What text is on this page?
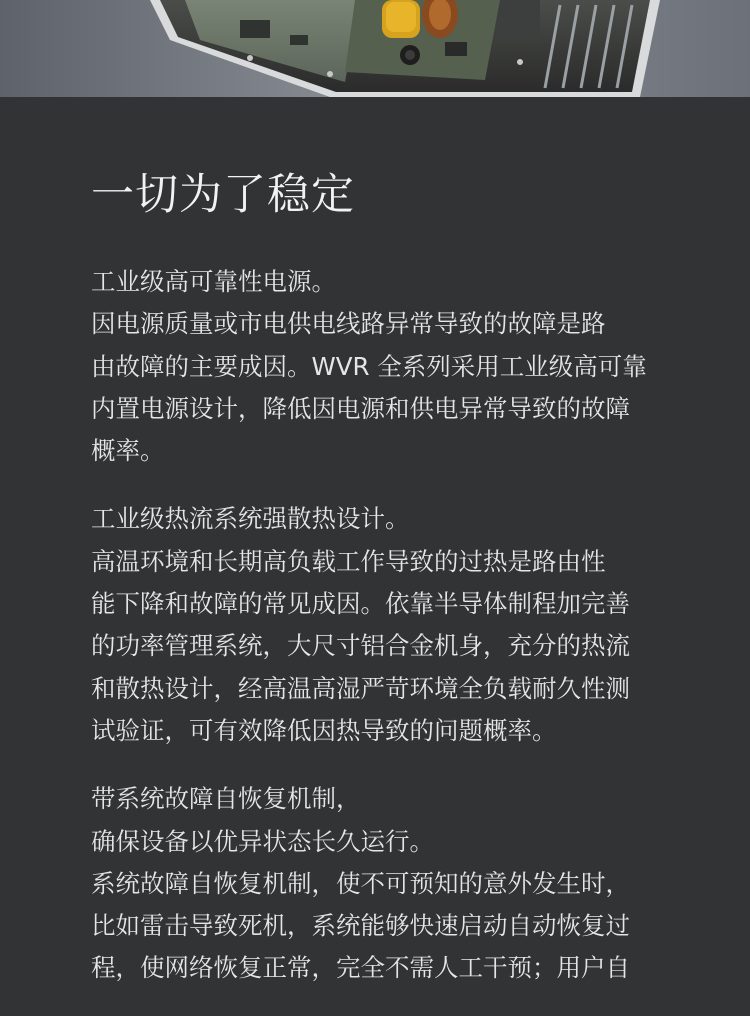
一切为了稳定
工业级高可靠性电源。
因电源质量或市电供电线路异常导致的故障是路
由故障的主要成因。WVR 全系列采用工业级高可靠
内置电源设计，降低因电源和供电异常导致的故障
概率。
工业级热流系统强散热设计。
高温环境和长期高负载工作导致的过热是路由性
能下降和故障的常见成因。依靠半导体制程加完善
的功率管理系统，大尺寸铝合金机身，充分的热流
和散热设计，经高温高湿严苛环境全负载耐久性测
试验证，可有效降低因热导致的问题概率。
带系统故障自恢复机制，
确保设备以优异状态长久运行。
系统故障自恢复机制，使不可预知的意外发生时，
比如雷击导致死机，系统能够快速启动自动恢复过
程，使网络恢复正常，完全不需人工干预；用户自
